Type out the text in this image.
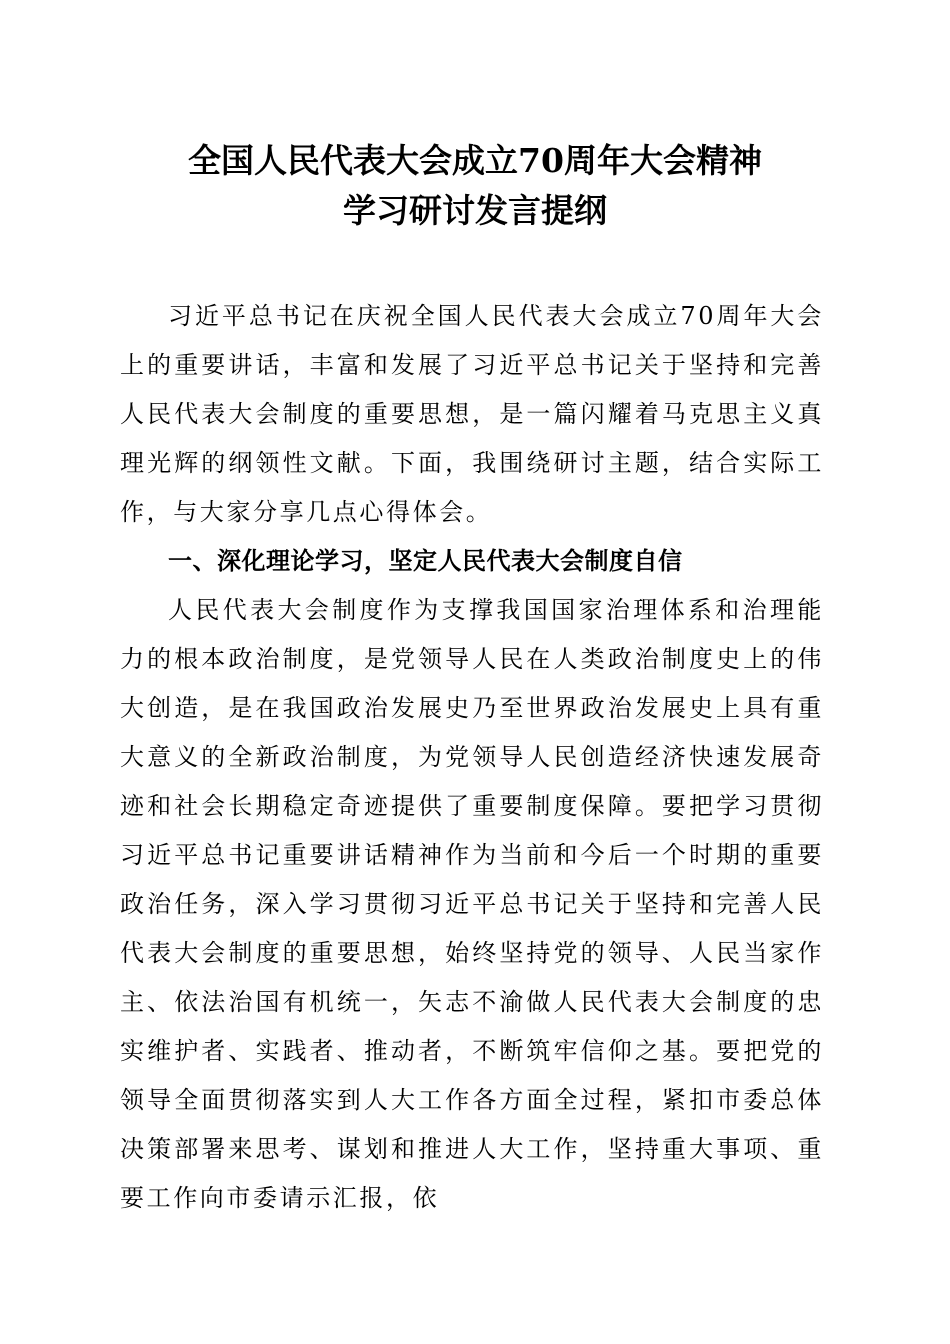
全国人民代表大会成立70周年大会精神
学习研讨发言提纲

习近平总书记在庆祝全国人民代表大会成立70周年大会上的重要讲话，丰富和发展了习近平总书记关于坚持和完善人民代表大会制度的重要思想，是一篇闪耀着马克思主义真理光辉的纲领性文献。下面，我围绕研讨主题，结合实际工作，与大家分享几点心得体会。

一、深化理论学习，坚定人民代表大会制度自信

人民代表大会制度作为支撑我国国家治理体系和治理能力的根本政治制度，是党领导人民在人类政治制度史上的伟大创造，是在我国政治发展史乃至世界政治发展史上具有重大意义的全新政治制度，为党领导人民创造经济快速发展奇迹和社会长期稳定奇迹提供了重要制度保障。要把学习贯彻习近平总书记重要讲话精神作为当前和今后一个时期的重要政治任务，深入学习贯彻习近平总书记关于坚持和完善人民代表大会制度的重要思想，始终坚持党的领导、人民当家作主、依法治国有机统一，矢志不渝做人民代表大会制度的忠实维护者、实践者、推动者，不断筑牢信仰之基。要把党的领导全面贯彻落实到人大工作各方面全过程，紧扣市委总体决策部署来思考、谋划和推进人大工作，坚持重大事项、重要工作向市委请示汇报，依
